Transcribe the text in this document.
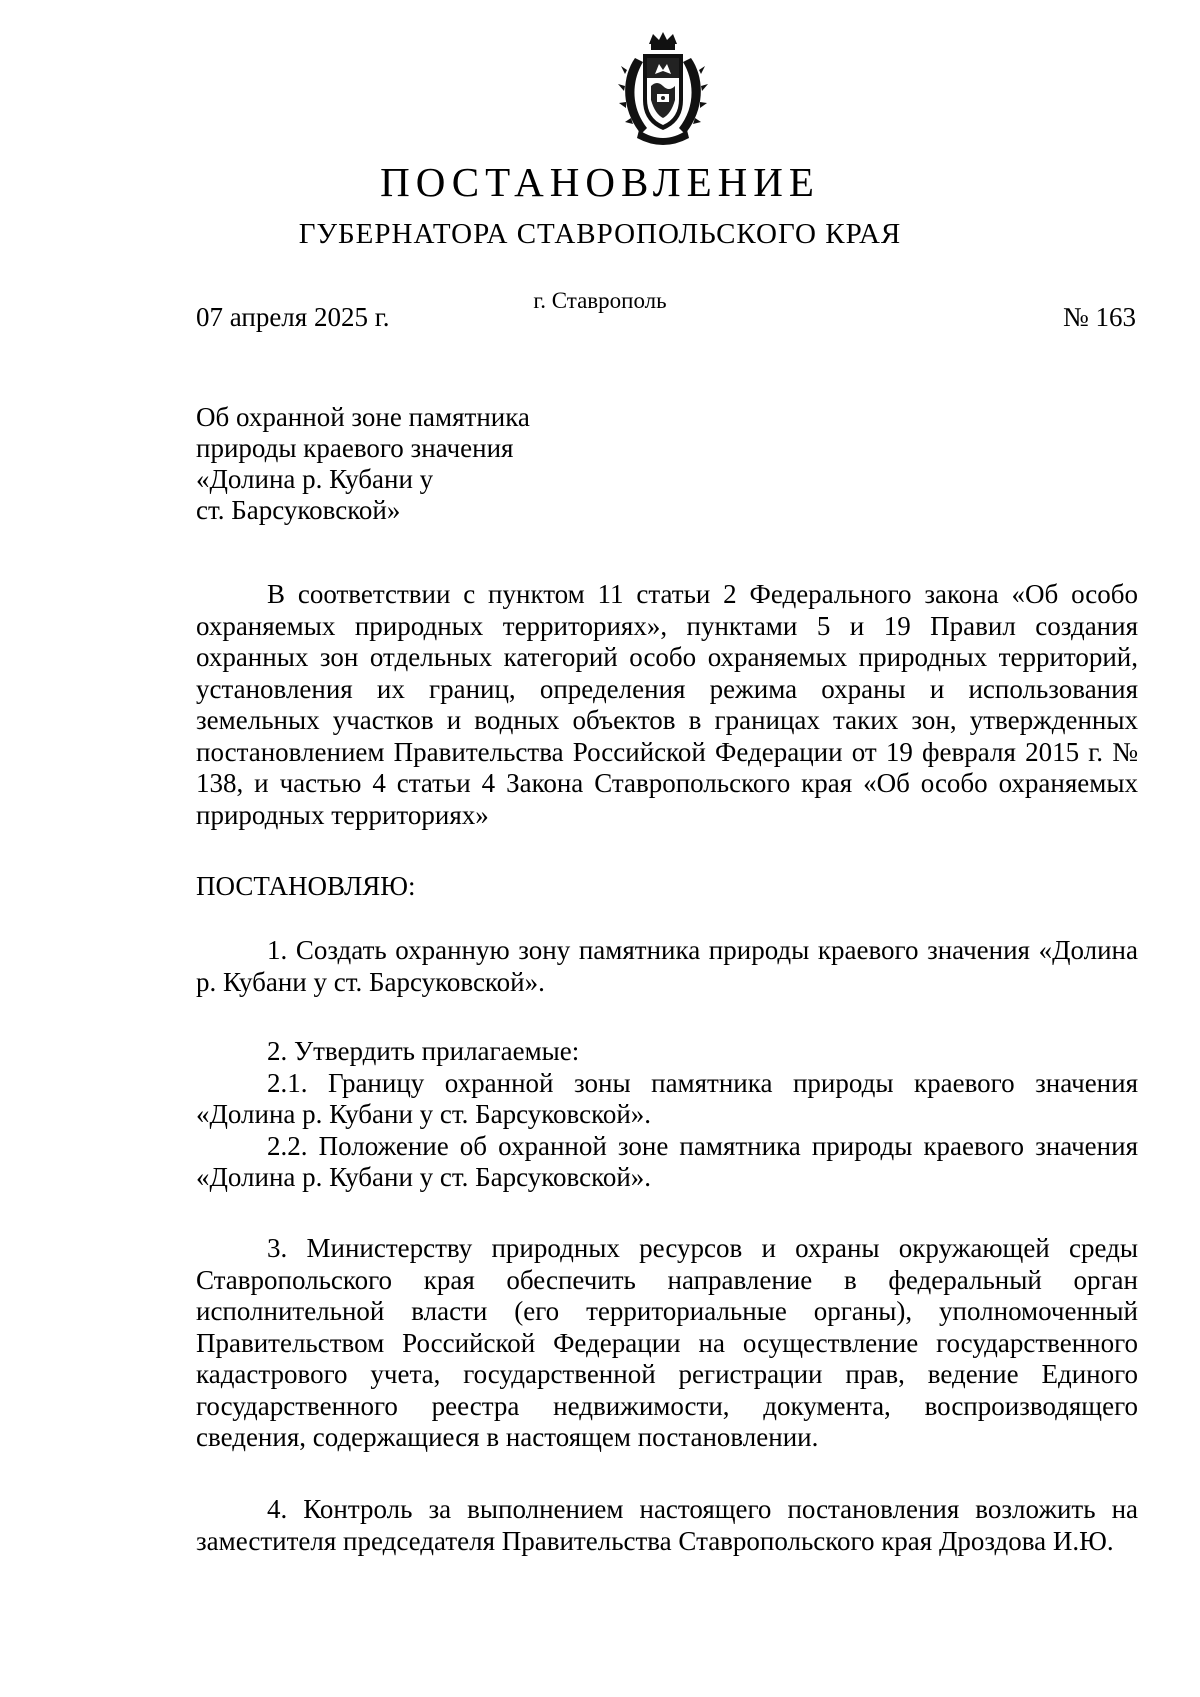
ПОСТАНОВЛЕНИЕ
ГУБЕРНАТОРА СТАВРОПОЛЬСКОГО КРАЯ
г. Ставрополь
07 апреля 2025 г.	№ 163
Об охранной зоне памятника
природы краевого значения
«Долина р. Кубани у
ст. Барсуковской»

В соответствии с пунктом 11 статьи 2 Федерального закона «Об особо охраняемых природных территориях», пунктами 5 и 19 Правил создания охранных зон отдельных категорий особо охраняемых природных территорий, установления их границ, определения режима охраны и использования земельных участков и водных объектов в границах таких зон, утвержденных постановлением Правительства Российской Федерации от 19 февраля 2015 г. № 138, и частью 4 статьи 4 Закона Ставропольского края «Об особо охраняемых природных территориях»

ПОСТАНОВЛЯЮ:

1. Создать охранную зону памятника природы краевого значения «Долина р. Кубани у ст. Барсуковской».

2. Утвердить прилагаемые:

2.1. Границу охранной зоны памятника природы краевого значения «Долина р. Кубани у ст. Барсуковской».

2.2. Положение об охранной зоне памятника природы краевого значения «Долина р. Кубани у ст. Барсуковской».

3. Министерству природных ресурсов и охраны окружающей среды Ставропольского края обеспечить направление в федеральный орган исполнительной власти (его территориальные органы), уполномоченный Правительством Российской Федерации на осуществление государственного кадастрового учета, государственной регистрации прав, ведение Единого государственного реестра недвижимости, документа, воспроизводящего сведения, содержащиеся в настоящем постановлении.

4. Контроль за выполнением настоящего постановления возложить на заместителя председателя Правительства Ставропольского края Дроздова И.Ю.
